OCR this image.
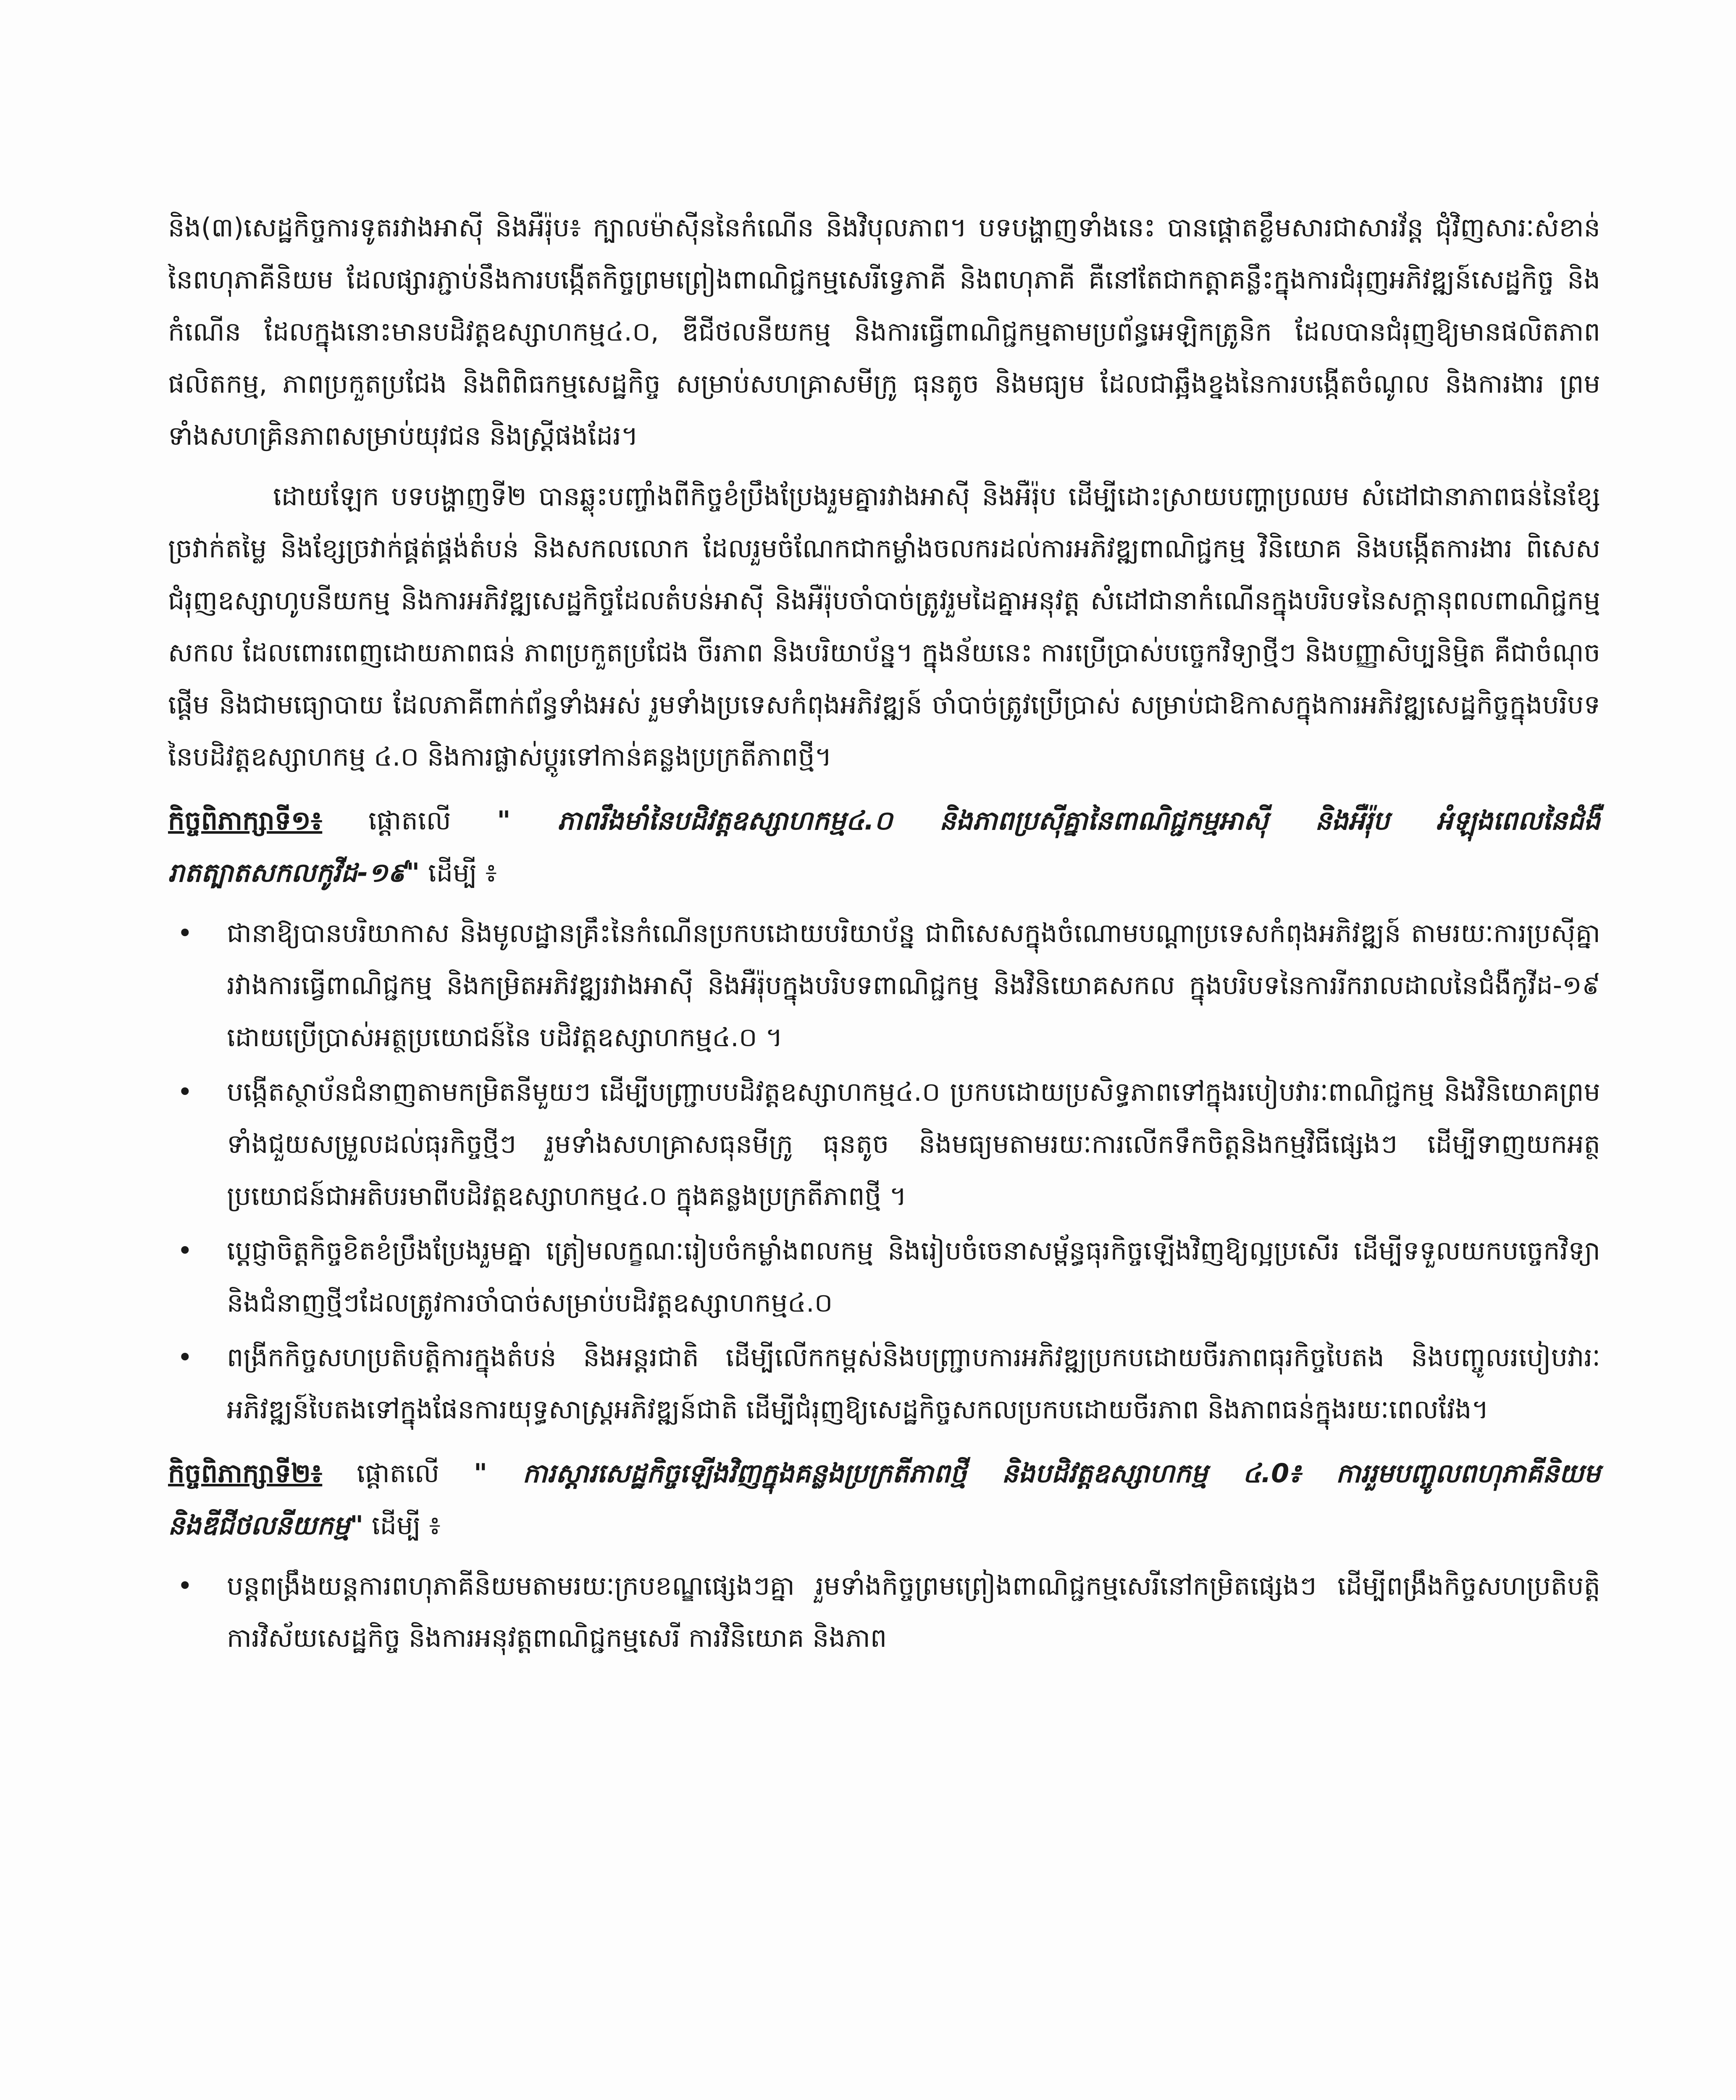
និង(៣)សេដ្ឋកិច្ចការទូតរវាងអាស៊ី និងអឺរ៉ុប៖ ក្បាលម៉ាស៊ីននៃកំណើន និងវិបុលភាព។ បទបង្ហាញទាំងនេះ បានផ្តោតខ្លឹមសារជាសារវ័ន្ត ជុំវិញសារៈសំខាន់នៃពហុភាគីនិយម ដែលផ្សារភ្ជាប់នឹងការបង្កើតកិច្ចព្រមព្រៀងពាណិជ្ជកម្មសេរីទ្វេភាគី និងពហុភាគី គឺនៅតែជាកត្តាគន្លឹះក្នុងការជំរុញអភិវឌ្ឍន៍សេដ្ឋកិច្ច និងកំណើន ដែលក្នុងនោះមានបដិវត្តឧស្សាហកម្ម៤.០, ឌីជីថលនីយកម្ម និងការធ្វើពាណិជ្ជកម្មតាមប្រព័ន្ធអេឡិកត្រូនិក ដែលបានជំរុញឱ្យមានផលិតភាពផលិតកម្ម, ភាពប្រកួតប្រជែង និងពិពិធកម្មសេដ្ឋកិច្ច សម្រាប់សហគ្រាសមីក្រូ ធុនតូច និងមធ្យម ដែលជាឆ្អឹងខ្នងនៃការបង្កើតចំណូល និងការងារ ព្រមទាំងសហគ្រិនភាពសម្រាប់យុវជន និងស្ត្រីផងដែរ។

ដោយឡែក បទបង្ហាញទី២ បានឆ្លុះបញ្ចាំងពីកិច្ចខំប្រឹងប្រែងរួមគ្នារវាងអាស៊ី និងអឺរ៉ុប ដើម្បីដោះស្រាយបញ្ហាប្រឈម សំដៅជានាភាពធន់នៃខ្សែច្រវាក់តម្លៃ និងខ្សែច្រវាក់ផ្គត់ផ្គង់តំបន់ និងសកលលោក ដែលរួមចំណែកជាកម្លាំងចលករដល់ការអភិវឌ្ឍពាណិជ្ជកម្ម វិនិយោគ និងបង្កើតការងារ ពិសេសជំរុញឧស្សាហូបនីយកម្ម និងការអភិវឌ្ឍសេដ្ឋកិច្ចដែលតំបន់អាស៊ី និងអឺរ៉ុបចាំបាច់ត្រូវរួមដៃគ្នាអនុវត្ត សំដៅជានាកំណើនក្នុងបរិបទនៃសក្តានុពលពាណិជ្ជកម្មសកល ដែលពោរពេញដោយភាពធន់ ភាពប្រកួតប្រជែង ចីរភាព និងបរិយាប័ន្ន។ ក្នុងន័យនេះ ការប្រើប្រាស់បច្ចេកវិទ្យាថ្មីៗ និងបញ្ញាសិប្បនិម្មិត គឺជាចំណុចផ្តើម និងជាមធ្យោបាយ ដែលភាគីពាក់ព័ន្ធទាំងអស់ រួមទាំងប្រទេសកំពុងអភិវឌ្ឍន៍ ចាំបាច់ត្រូវប្រើប្រាស់ សម្រាប់ជាឱកាសក្នុងការអភិវឌ្ឍសេដ្ឋកិច្ចក្នុងបរិបទនៃបដិវត្តឧស្សាហកម្ម ៤.០ និងការផ្លាស់ប្តូរទៅកាន់គន្លងប្រក្រតីភាពថ្មី។

កិច្ចពិភាក្សាទី១៖ ផ្តោតលើ " ភាពរឹងមាំនៃបដិវត្តឧស្សាហកម្ម៤.០ និងភាពប្រស៊ីគ្នានៃពាណិជ្ជកម្មអាស៊ី និងអឺរ៉ុប អំឡុងពេលនៃជំងឺរាតត្បាតសកលកូវីដ-១៩" ដើម្បី ៖

• ជានាឱ្យបានបរិយាកាស និងមូលដ្ឋានគ្រឹះនៃកំណើនប្រកបដោយបរិយាប័ន្ន ជាពិសេសក្នុងចំណោមបណ្តាប្រទេសកំពុងអភិវឌ្ឍន៍ តាមរយៈការប្រស៊ីគ្នារវាងការធ្វើពាណិជ្ជកម្ម និងកម្រិតអភិវឌ្ឍរវាងអាស៊ី និងអឺរ៉ុបក្នុងបរិបទពាណិជ្ជកម្ម និងវិនិយោគសកល ក្នុងបរិបទនៃការរីករាលដាលនៃជំងឺកូវីដ-១៩ ដោយប្រើប្រាស់អត្ថប្រយោជន៍នៃ បដិវត្តឧស្សាហកម្ម៤.០ ។
• បង្កើតស្ថាប័នជំនាញតាមកម្រិតនីមួយៗ ដើម្បីបញ្ជ្រាបបដិវត្តឧស្សាហកម្ម៤.០ ប្រកបដោយប្រសិទ្ធភាពទៅក្នុងរបៀបវារៈពាណិជ្ជកម្ម និងវិនិយោគព្រមទាំងជួយសម្រួលដល់ធុរកិច្ចថ្មីៗ រួមទាំងសហគ្រាសធុនមីក្រូ ធុនតូច និងមធ្យមតាមរយៈការលើកទឹកចិត្តនិងកម្មវិធីផ្សេងៗ ដើម្បីទាញយកអត្ថប្រយោជន៍ជាអតិបរមាពីបដិវត្តឧស្សាហកម្ម៤.០ ក្នុងគន្លងប្រក្រតីភាពថ្មី ។
• ប្តេជ្ញាចិត្តកិច្ចខិតខំប្រឹងប្រែងរួមគ្នា ត្រៀមលក្ខណៈរៀបចំកម្លាំងពលកម្ម និងរៀបចំចេនាសម្ព័ន្ធធុរកិច្ចឡើងវិញឱ្យល្អប្រសើរ ដើម្បីទទួលយកបច្ចេកវិទ្យា និងជំនាញថ្មីៗដែលត្រូវការចាំបាច់សម្រាប់បដិវត្តឧស្សាហកម្ម៤.០
• ពង្រីកកិច្ចសហប្រតិបត្តិការក្នុងតំបន់ និងអន្តរជាតិ ដើម្បីលើកកម្ពស់និងបញ្ជ្រាបការអភិវឌ្ឍប្រកបដោយចីរភាពធុរកិច្ចបៃតង និងបញ្ចូលរបៀបវារៈអភិវឌ្ឍន៍បៃតងទៅក្នុងផែនការយុទ្ធសាស្ត្រអភិវឌ្ឍន៍ជាតិ ដើម្បីជំរុញឱ្យសេដ្ឋកិច្ចសកលប្រកបដោយចីរភាព និងភាពធន់ក្នុងរយៈពេលវែង។

កិច្ចពិភាក្សាទី២៖ ផ្តោតលើ " ការស្តារសេដ្ឋកិច្ចឡើងវិញក្នុងគន្លងប្រក្រតីភាពថ្មី និងបដិវត្តឧស្សាហកម្ម ៤.0៖ ការរួមបញ្ចូលពហុភាគីនិយម និងឌីជីថលនីយកម្ម" ដើម្បី ៖

• បន្តពង្រឹងយន្តការពហុភាគីនិយមតាមរយៈក្របខណ្ឌផ្សេងៗគ្នា រួមទាំងកិច្ចព្រមព្រៀងពាណិជ្ជកម្មសេរីនៅកម្រិតផ្សេងៗ ដើម្បីពង្រឹងកិច្ចសហប្រតិបត្តិការវិស័យសេដ្ឋកិច្ច និងការអនុវត្តពាណិជ្ជកម្មសេរី ការវិនិយោគ និងភាព
